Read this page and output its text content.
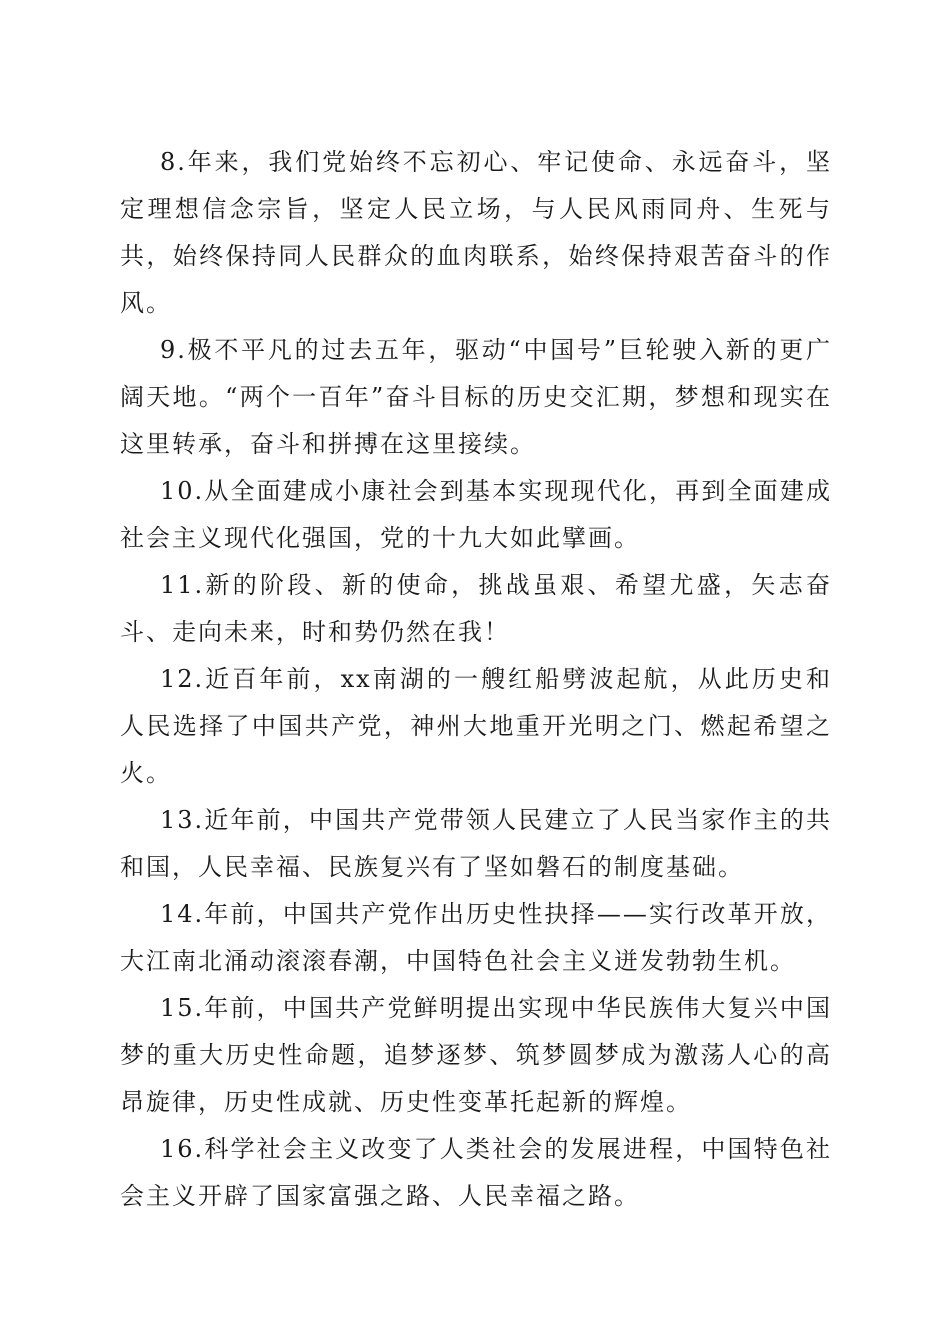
8.年来，我们党始终不忘初心、牢记使命、永远奋斗，坚定理想信念宗旨，坚定人民立场，与人民风雨同舟、生死与共，始终保持同人民群众的血肉联系，始终保持艰苦奋斗的作风。

9.极不平凡的过去五年，驱动“中国号”巨轮驶入新的更广阔天地。“两个一百年”奋斗目标的历史交汇期，梦想和现实在这里转承，奋斗和拼搏在这里接续。

10.从全面建成小康社会到基本实现现代化，再到全面建成社会主义现代化强国，党的十九大如此擘画。

11.新的阶段、新的使命，挑战虽艰、希望尤盛，矢志奋斗、走向未来，时和势仍然在我！

12.近百年前，xx南湖的一艘红船劈波起航，从此历史和人民选择了中国共产党，神州大地重开光明之门、燃起希望之火。

13.近年前，中国共产党带领人民建立了人民当家作主的共和国，人民幸福、民族复兴有了坚如磐石的制度基础。

14.年前，中国共产党作出历史性抉择——实行改革开放，大江南北涌动滚滚春潮，中国特色社会主义迸发勃勃生机。

15.年前，中国共产党鲜明提出实现中华民族伟大复兴中国梦的重大历史性命题，追梦逐梦、筑梦圆梦成为激荡人心的高昂旋律，历史性成就、历史性变革托起新的辉煌。

16.科学社会主义改变了人类社会的发展进程，中国特色社会主义开辟了国家富强之路、人民幸福之路。
